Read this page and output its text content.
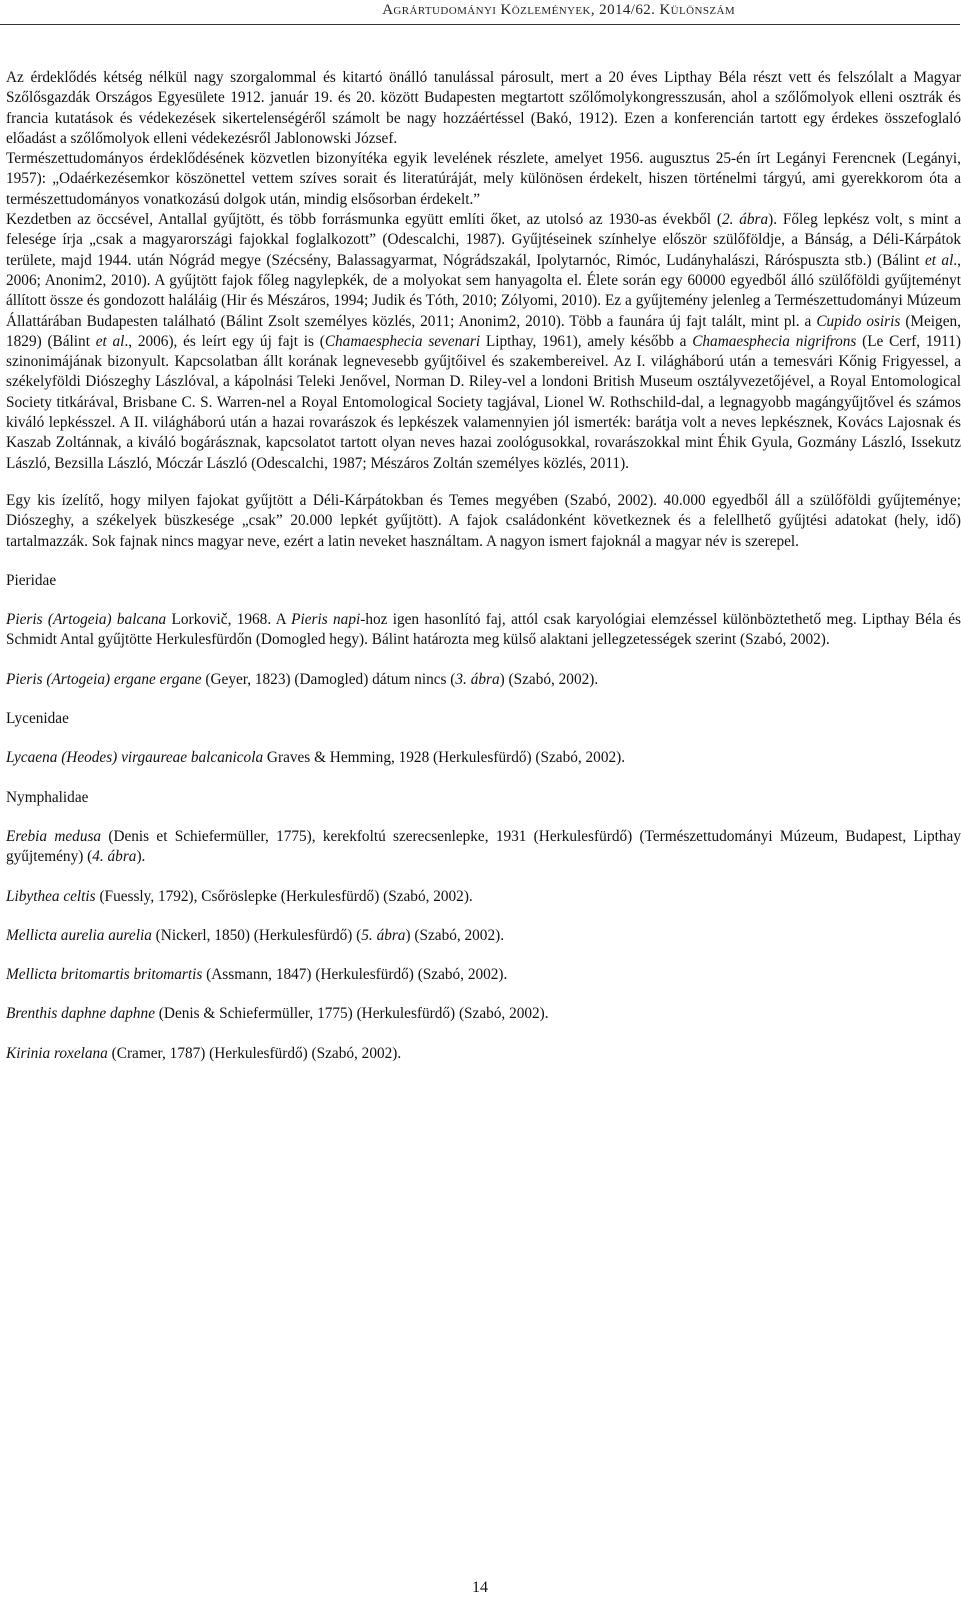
Agrártudományi Közlemények, 2014/62. Különszám

Az érdeklődés kétség nélkül nagy szorgalommal és kitartó önálló tanulással párosult, mert a 20 éves Lipthay Béla részt vett és felszólalt a Magyar Szőlősgazdák Országos Egyesülete 1912. január 19. és 20. között Budapesten megtartott szőlőmolykongresszusán, ahol a szőlőmolyok elleni osztrák és francia kutatások és védekezések sikertelenségéről számolt be nagy hozzáértéssel (Bakó, 1912). Ezen a konferencián tartott egy érdekes összefoglaló előadást a szőlőmolyok elleni védekezésről Jablonowski József.

Természettudományos érdeklődésének közvetlen bizonyítéka egyik levelének részlete, amelyet 1956. augusztus 25-én írt Legányi Ferencnek (Legányi, 1957): „Odaérkezésemkor köszönettel vettem szíves sorait és literatúráját, mely különösen érdekelt, hiszen történelmi tárgyú, ami gyerekkorom óta a természettudományos vonatkozású dolgok után, mindig elsősorban érdekelt.”

Kezdetben az öccsével, Antallal gyűjtött, és több forrásmunka együtt említi őket, az utolsó az 1930-as évekből (2. ábra). Főleg lepkész volt, s mint a felesége írja „csak a magyarországi fajokkal foglalkozott” (Odescalchi, 1987). Gyűjtéseinek színhelye először szülőföldje, a Bánság, a Déli-Kárpátok területe, majd 1944. után Nógrád megye (Szécsény, Balassagyarmat, Nógrádszakál, Ipolytarnóc, Rimóc, Ludányhalászi, Ráróspuszta stb.) (Bálint et al., 2006; Anonim2, 2010). A gyűjtött fajok főleg nagylepkék, de a molyokat sem hanyagolta el. Élete során egy 60000 egyedből álló szülőföldi gyűjteményt állított össze és gondozott haláláig (Hir és Mészáros, 1994; Judik és Tóth, 2010; Zólyomi, 2010). Ez a gyűjtemény jelenleg a Természettudományi Múzeum Állattárában Budapesten található (Bálint Zsolt személyes közlés, 2011; Anonim2, 2010). Több a faunára új fajt talált, mint pl. a Cupido osiris (Meigen, 1829) (Bálint et al., 2006), és leírt egy új fajt is (Chamaesphecia sevenari Lipthay, 1961), amely később a Chamaesphecia nigrifrons (Le Cerf, 1911) szinonimájának bizonyult. Kapcsolatban állt korának legnevesebb gyűjtőivel és szakembereivel. Az I. világháború után a temesvári Kőnig Frigyessel, a székelyföldi Diószeghy Lászlóval, a kápolnási Teleki Jenővel, Norman D. Riley-vel a londoni British Museum osztályvezetőjével, a Royal Entomological Society titkárával, Brisbane C. S. Warren-nel a Royal Entomological Society tagjával, Lionel W. Rothschild-dal, a legnagyobb magángyűjtővel és számos kiváló lepkésszel. A II. világháború után a hazai rovarászok és lepkészek valamennyien jól ismerték: barátja volt a neves lepkésznek, Kovács Lajosnak és Kaszab Zoltánnak, a kiváló bogárásznak, kapcsolatot tartott olyan neves hazai zoológusokkal, rovarászokkal mint Éhik Gyula, Gozmány László, Issekutz László, Bezsilla László, Móczár László (Odescalchi, 1987; Mészáros Zoltán személyes közlés, 2011).

Egy kis ízelítő, hogy milyen fajokat gyűjtött a Déli-Kárpátokban és Temes megyében (Szabó, 2002). 40.000 egyedből áll a szülőföldi gyűjteménye; Diószeghy, a székelyek büszkesége „csak” 20.000 lepkét gyűjtött). A fajok családonként következnek és a felellhető gyűjtési adatokat (hely, idő) tartalmazzák. Sok fajnak nincs magyar neve, ezért a latin neveket használtam. A nagyon ismert fajoknál a magyar név is szerepel.

Pieridae

Pieris (Artogeia) balcana Lorkovič, 1968. A Pieris napi-hoz igen hasonlító faj, attól csak karyológiai elemzéssel különböztethető meg. Lipthay Béla és Schmidt Antal gyűjtötte Herkulesfürdőn (Domogled hegy). Bálint határozta meg külső alaktani jellegzetességek szerint (Szabó, 2002).

Pieris (Artogeia) ergane ergane (Geyer, 1823) (Damogled) dátum nincs (3. ábra) (Szabó, 2002).

Lycenidae

Lycaena (Heodes) virgaureae balcanicola Graves & Hemming, 1928 (Herkulesfürdő) (Szabó, 2002).

Nymphalidae

Erebia medusa (Denis et Schiefermüller, 1775), kerekfoltú szerecsenlepke, 1931 (Herkulesfürdő) (Természettudományi Múzeum, Budapest, Lipthay gyűjtemény) (4. ábra).

Libythea celtis (Fuessly, 1792), Csőröslepke (Herkulesfürdő) (Szabó, 2002).

Mellicta aurelia aurelia (Nickerl, 1850) (Herkulesfürdő) (5. ábra) (Szabó, 2002).

Mellicta britomartis britomartis (Assmann, 1847) (Herkulesfürdő) (Szabó, 2002).

Brenthis daphne daphne (Denis & Schiefermüller, 1775) (Herkulesfürdő) (Szabó, 2002).

Kirinia roxelana (Cramer, 1787) (Herkulesfürdő) (Szabó, 2002).

14
